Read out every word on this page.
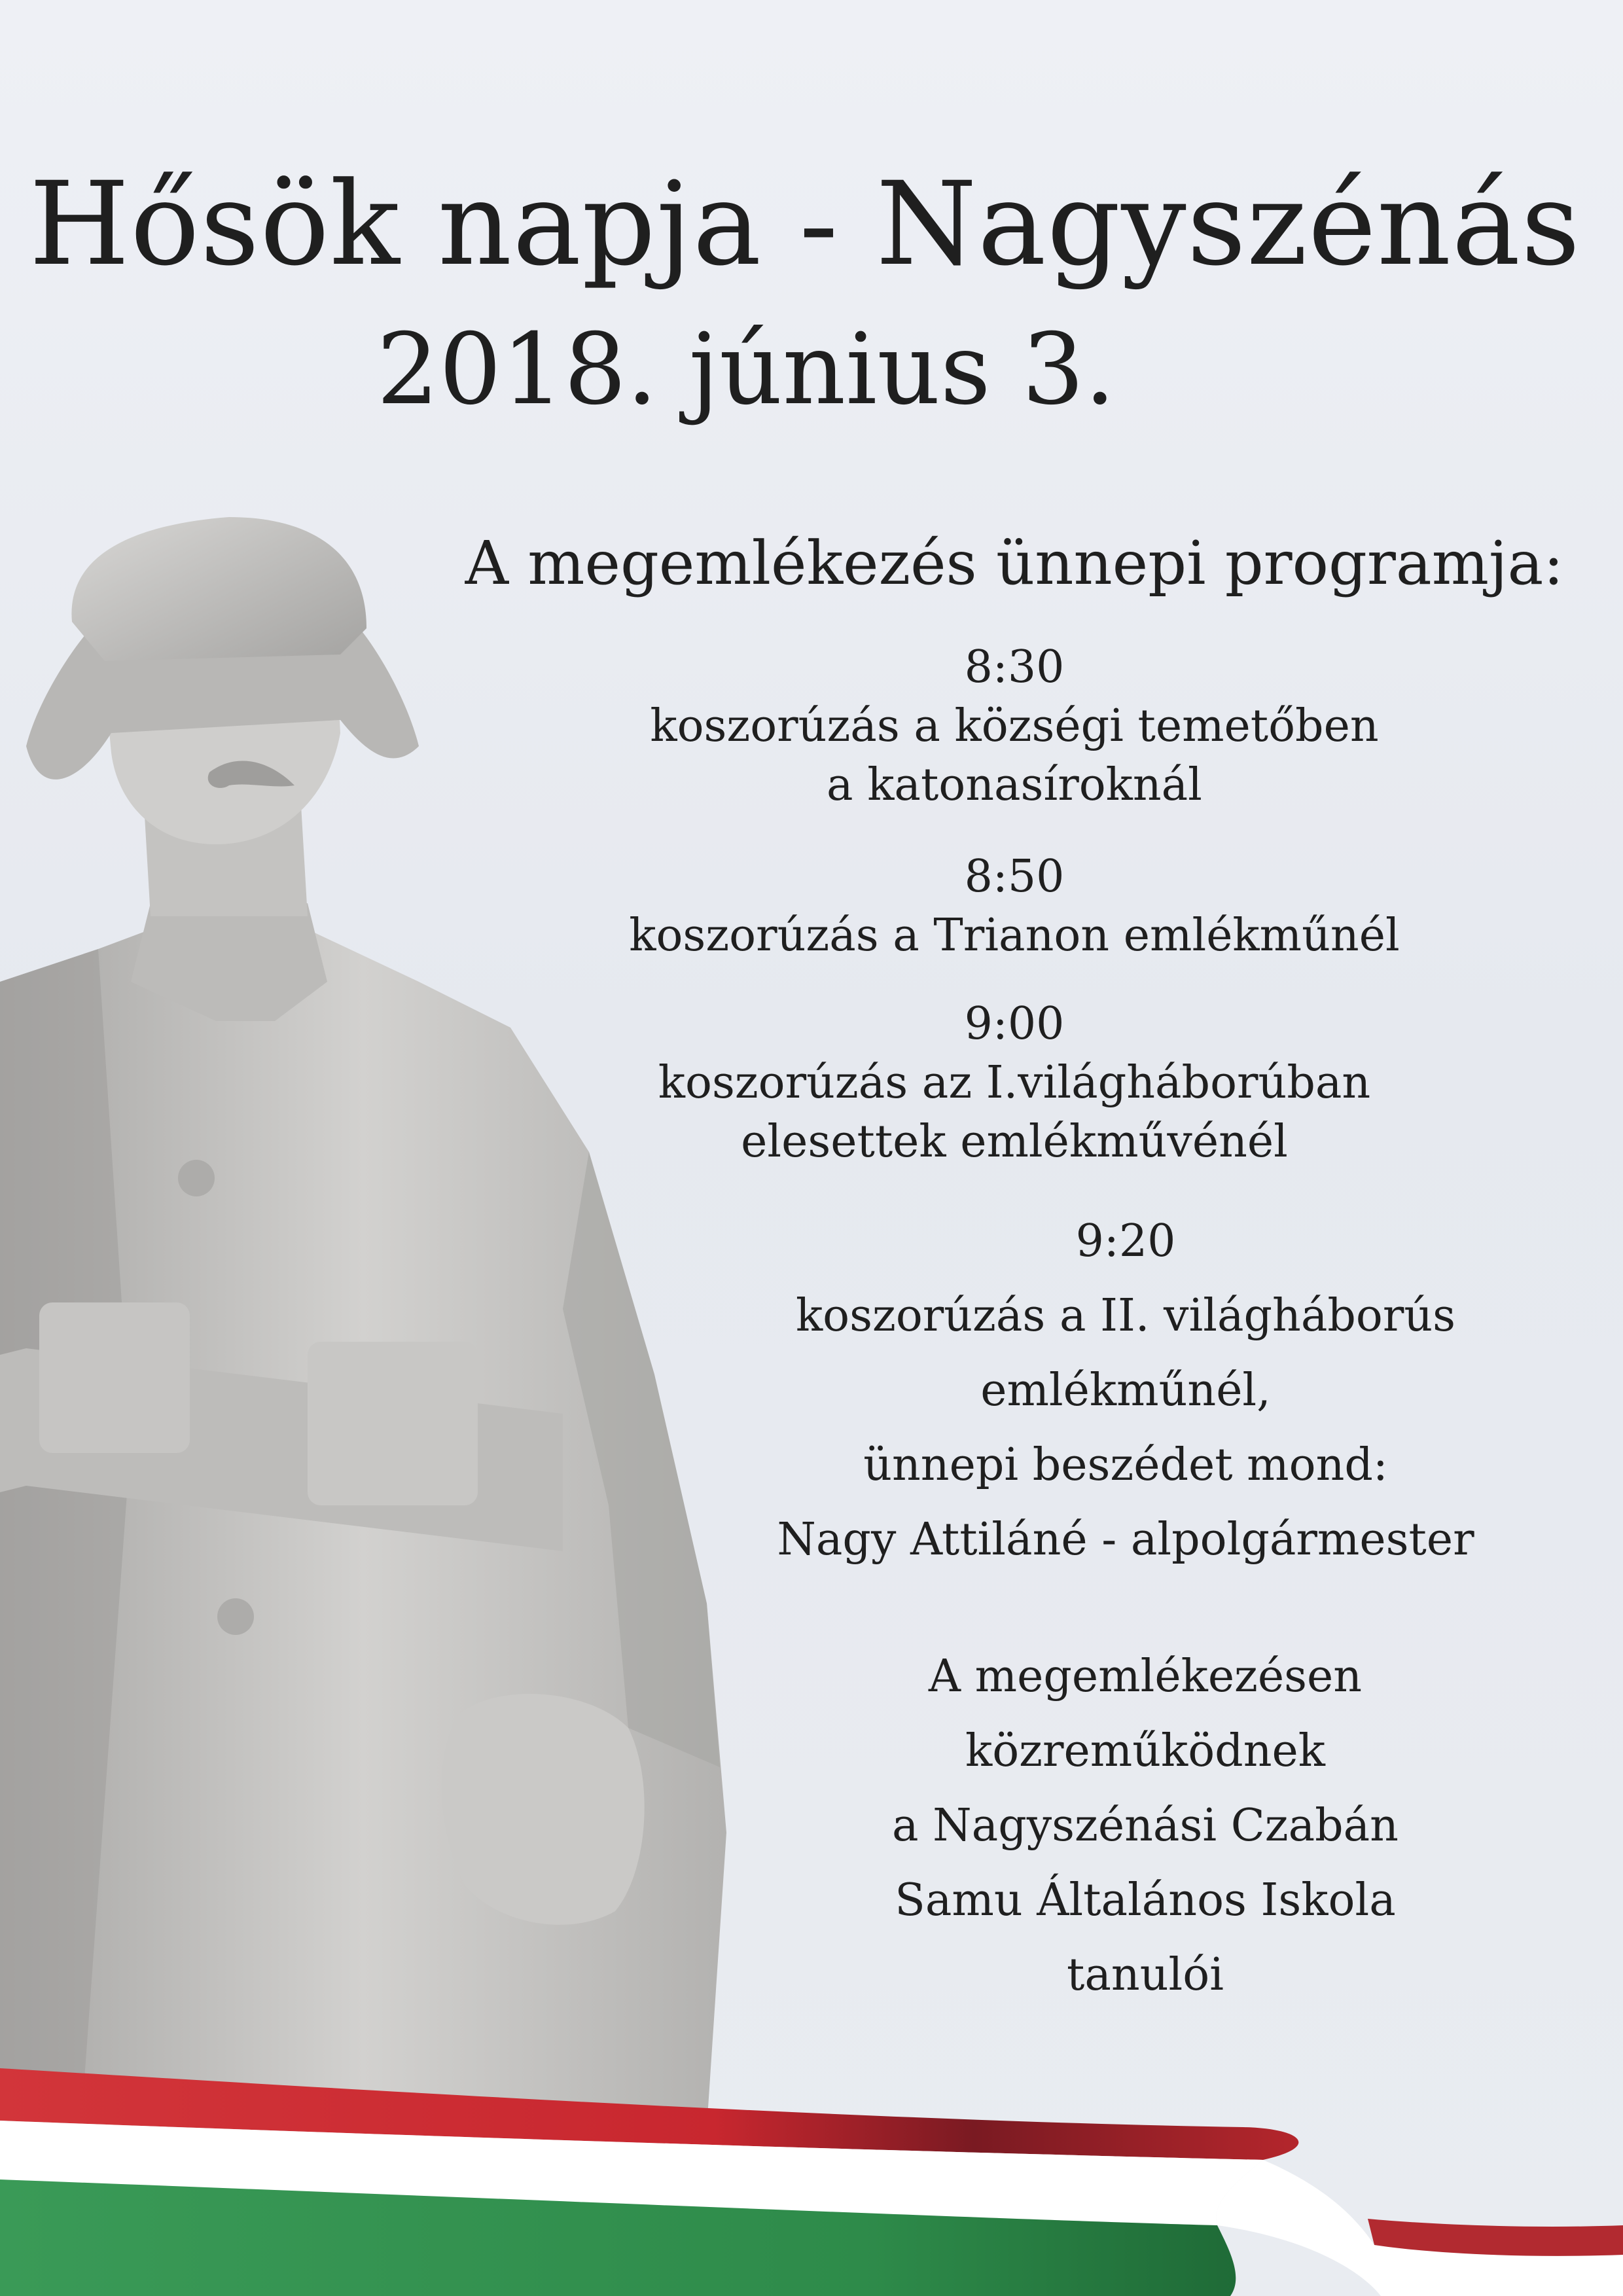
Hősök napja - Nagyszénás
2018. június 3.
A megemlékezés ünnepi programja:
8:30
koszorúzás a községi temetőben
a katonasíroknál
8:50
koszorúzás a Trianon emlékműnél
9:00
koszorúzás az I.világháborúban
elesettek emlékművénél
9:20
koszorúzás a II. világháborús
emlékműnél,
ünnepi beszédet mond:
Nagy Attiláné - alpolgármester
A megemlékezésen
közreműködnek
a Nagyszénási Czabán
Samu Általános Iskola
tanulói
